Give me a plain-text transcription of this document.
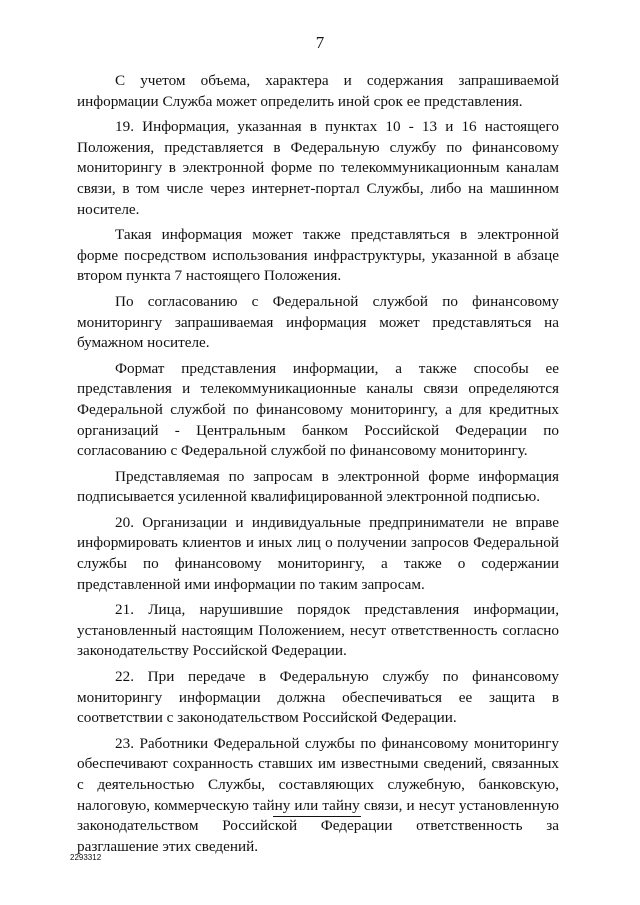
7

С учетом объема, характера и содержания запрашиваемой информации Служба может определить иной срок ее представления.

19. Информация, указанная в пунктах 10 - 13 и 16 настоящего Положения, представляется в Федеральную службу по финансовому мониторингу в электронной форме по телекоммуникационным каналам связи, в том числе через интернет-портал Службы, либо на машинном носителе.

Такая информация может также представляться в электронной форме посредством использования инфраструктуры, указанной в абзаце втором пункта 7 настоящего Положения.

По согласованию с Федеральной службой по финансовому мониторингу запрашиваемая информация может представляться на бумажном носителе.

Формат представления информации, а также способы ее представления и телекоммуникационные каналы связи определяются Федеральной службой по финансовому мониторингу, а для кредитных организаций - Центральным банком Российской Федерации по согласованию с Федеральной службой по финансовому мониторингу.

Представляемая по запросам в электронной форме информация подписывается усиленной квалифицированной электронной подписью.

20. Организации и индивидуальные предприниматели не вправе информировать клиентов и иных лиц о получении запросов Федеральной службы по финансовому мониторингу, а также о содержании представленной ими информации по таким запросам.

21. Лица, нарушившие порядок представления информации, установленный настоящим Положением, несут ответственность согласно законодательству Российской Федерации.

22. При передаче в Федеральную службу по финансовому мониторингу информации должна обеспечиваться ее защита в соответствии с законодательством Российской Федерации.

23. Работники Федеральной службы по финансовому мониторингу обеспечивают сохранность ставших им известными сведений, связанных с деятельностью Службы, составляющих служебную, банковскую, налоговую, коммерческую тайну или тайну связи, и несут установленную законодательством Российской Федерации ответственность за разглашение этих сведений.

2293312
